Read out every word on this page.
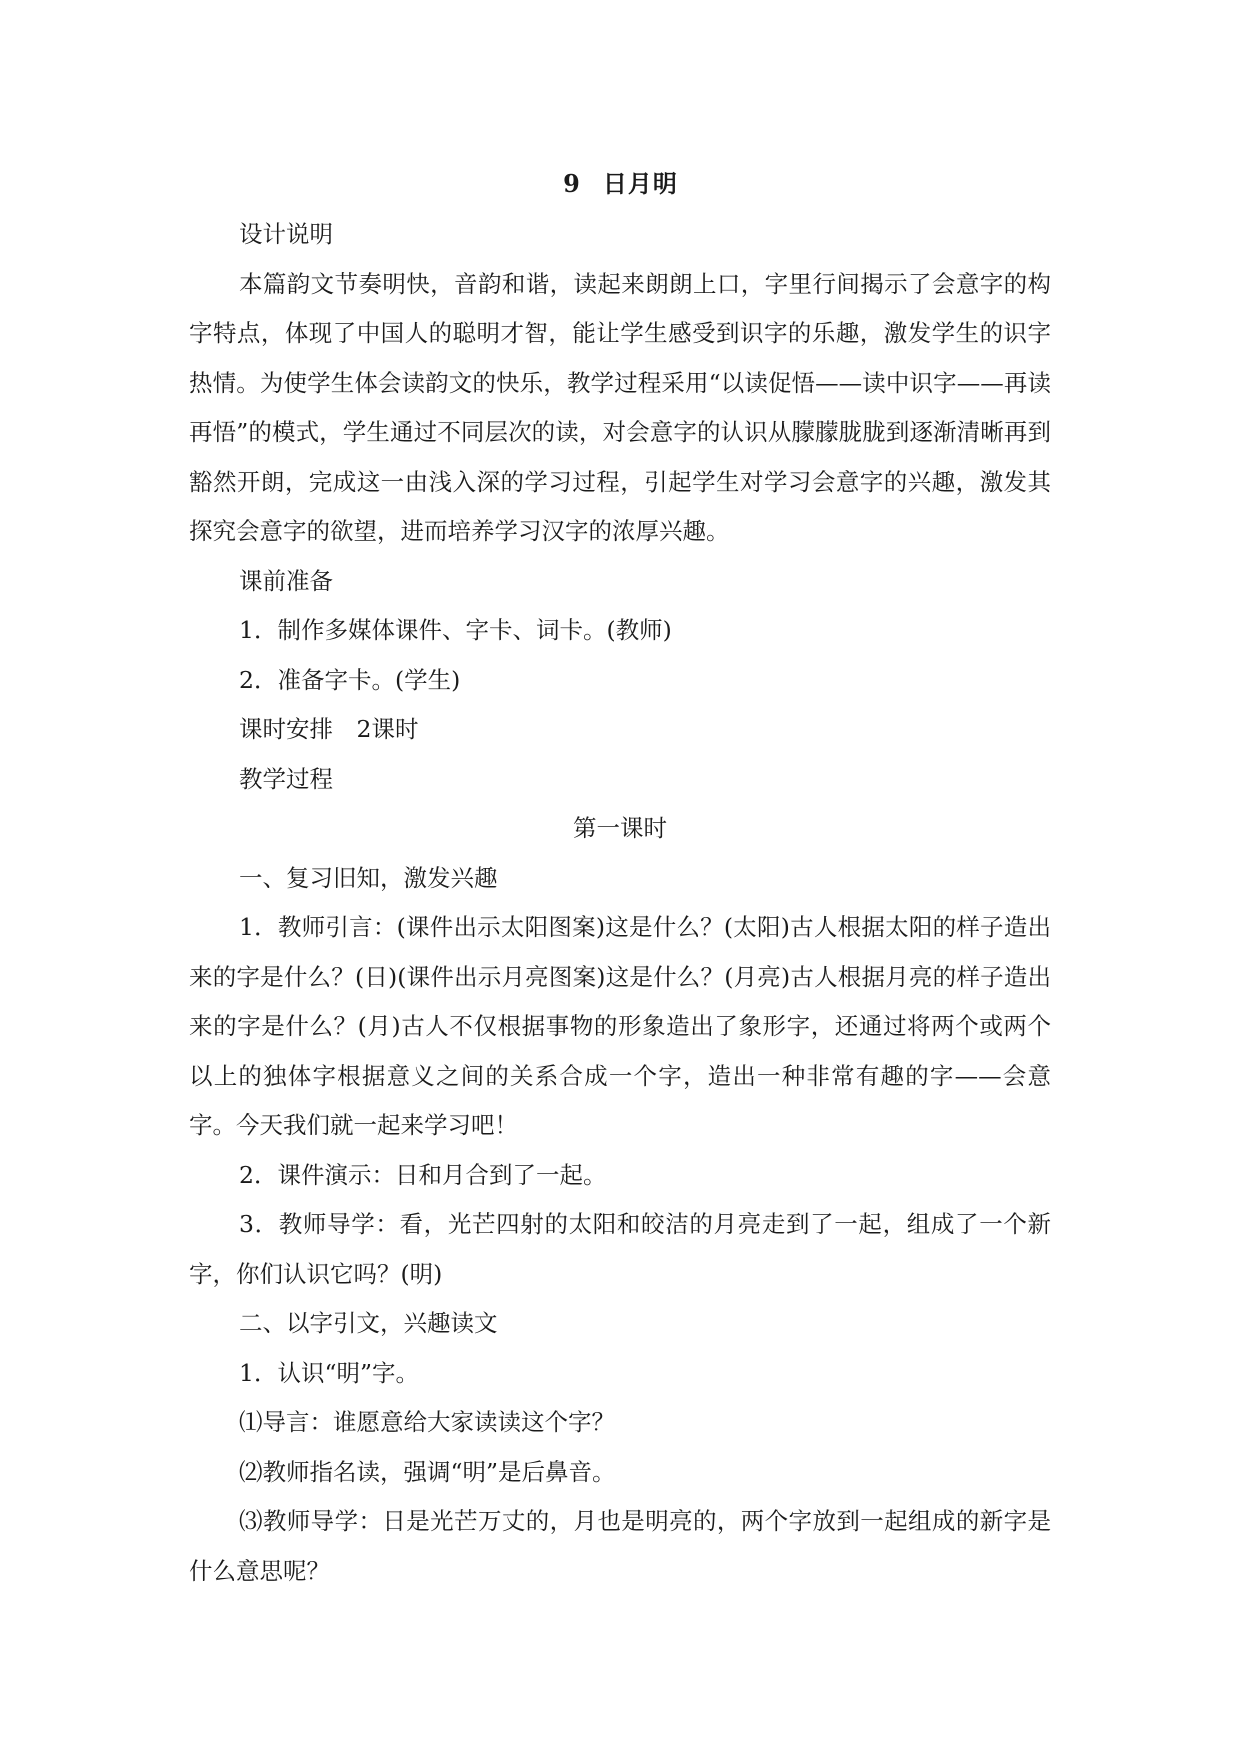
9 日月明
设计说明
本篇韵文节奏明快，音韵和谐，读起来朗朗上口，字里行间揭示了会意字的构字特点，体现了中国人的聪明才智，能让学生感受到识字的乐趣，激发学生的识字热情。为使学生体会读韵文的快乐，教学过程采用“以读促悟——读中识字——再读再悟”的模式，学生通过不同层次的读，对会意字的认识从朦朦胧胧到逐渐清晰再到豁然开朗，完成这一由浅入深的学习过程，引起学生对学习会意字的兴趣，激发其探究会意字的欲望，进而培养学习汉字的浓厚兴趣。
课前准备
1．制作多媒体课件、字卡、词卡。(教师)
2．准备字卡。(学生)
课时安排　2课时
教学过程
第一课时
一、复习旧知，激发兴趣
1．教师引言：(课件出示太阳图案)这是什么？(太阳)古人根据太阳的样子造出来的字是什么？(日)(课件出示月亮图案)这是什么？(月亮)古人根据月亮的样子造出来的字是什么？(月)古人不仅根据事物的形象造出了象形字，还通过将两个或两个以上的独体字根据意义之间的关系合成一个字，造出一种非常有趣的字——会意字。今天我们就一起来学习吧！
2．课件演示：日和月合到了一起。
3．教师导学：看，光芒四射的太阳和皎洁的月亮走到了一起，组成了一个新字，你们认识它吗？(明)
二、以字引文，兴趣读文
1．认识“明”字。
⑴导言：谁愿意给大家读读这个字？
⑵教师指名读，强调“明”是后鼻音。
⑶教师导学：日是光芒万丈的，月也是明亮的，两个字放到一起组成的新字是什么意思呢？
